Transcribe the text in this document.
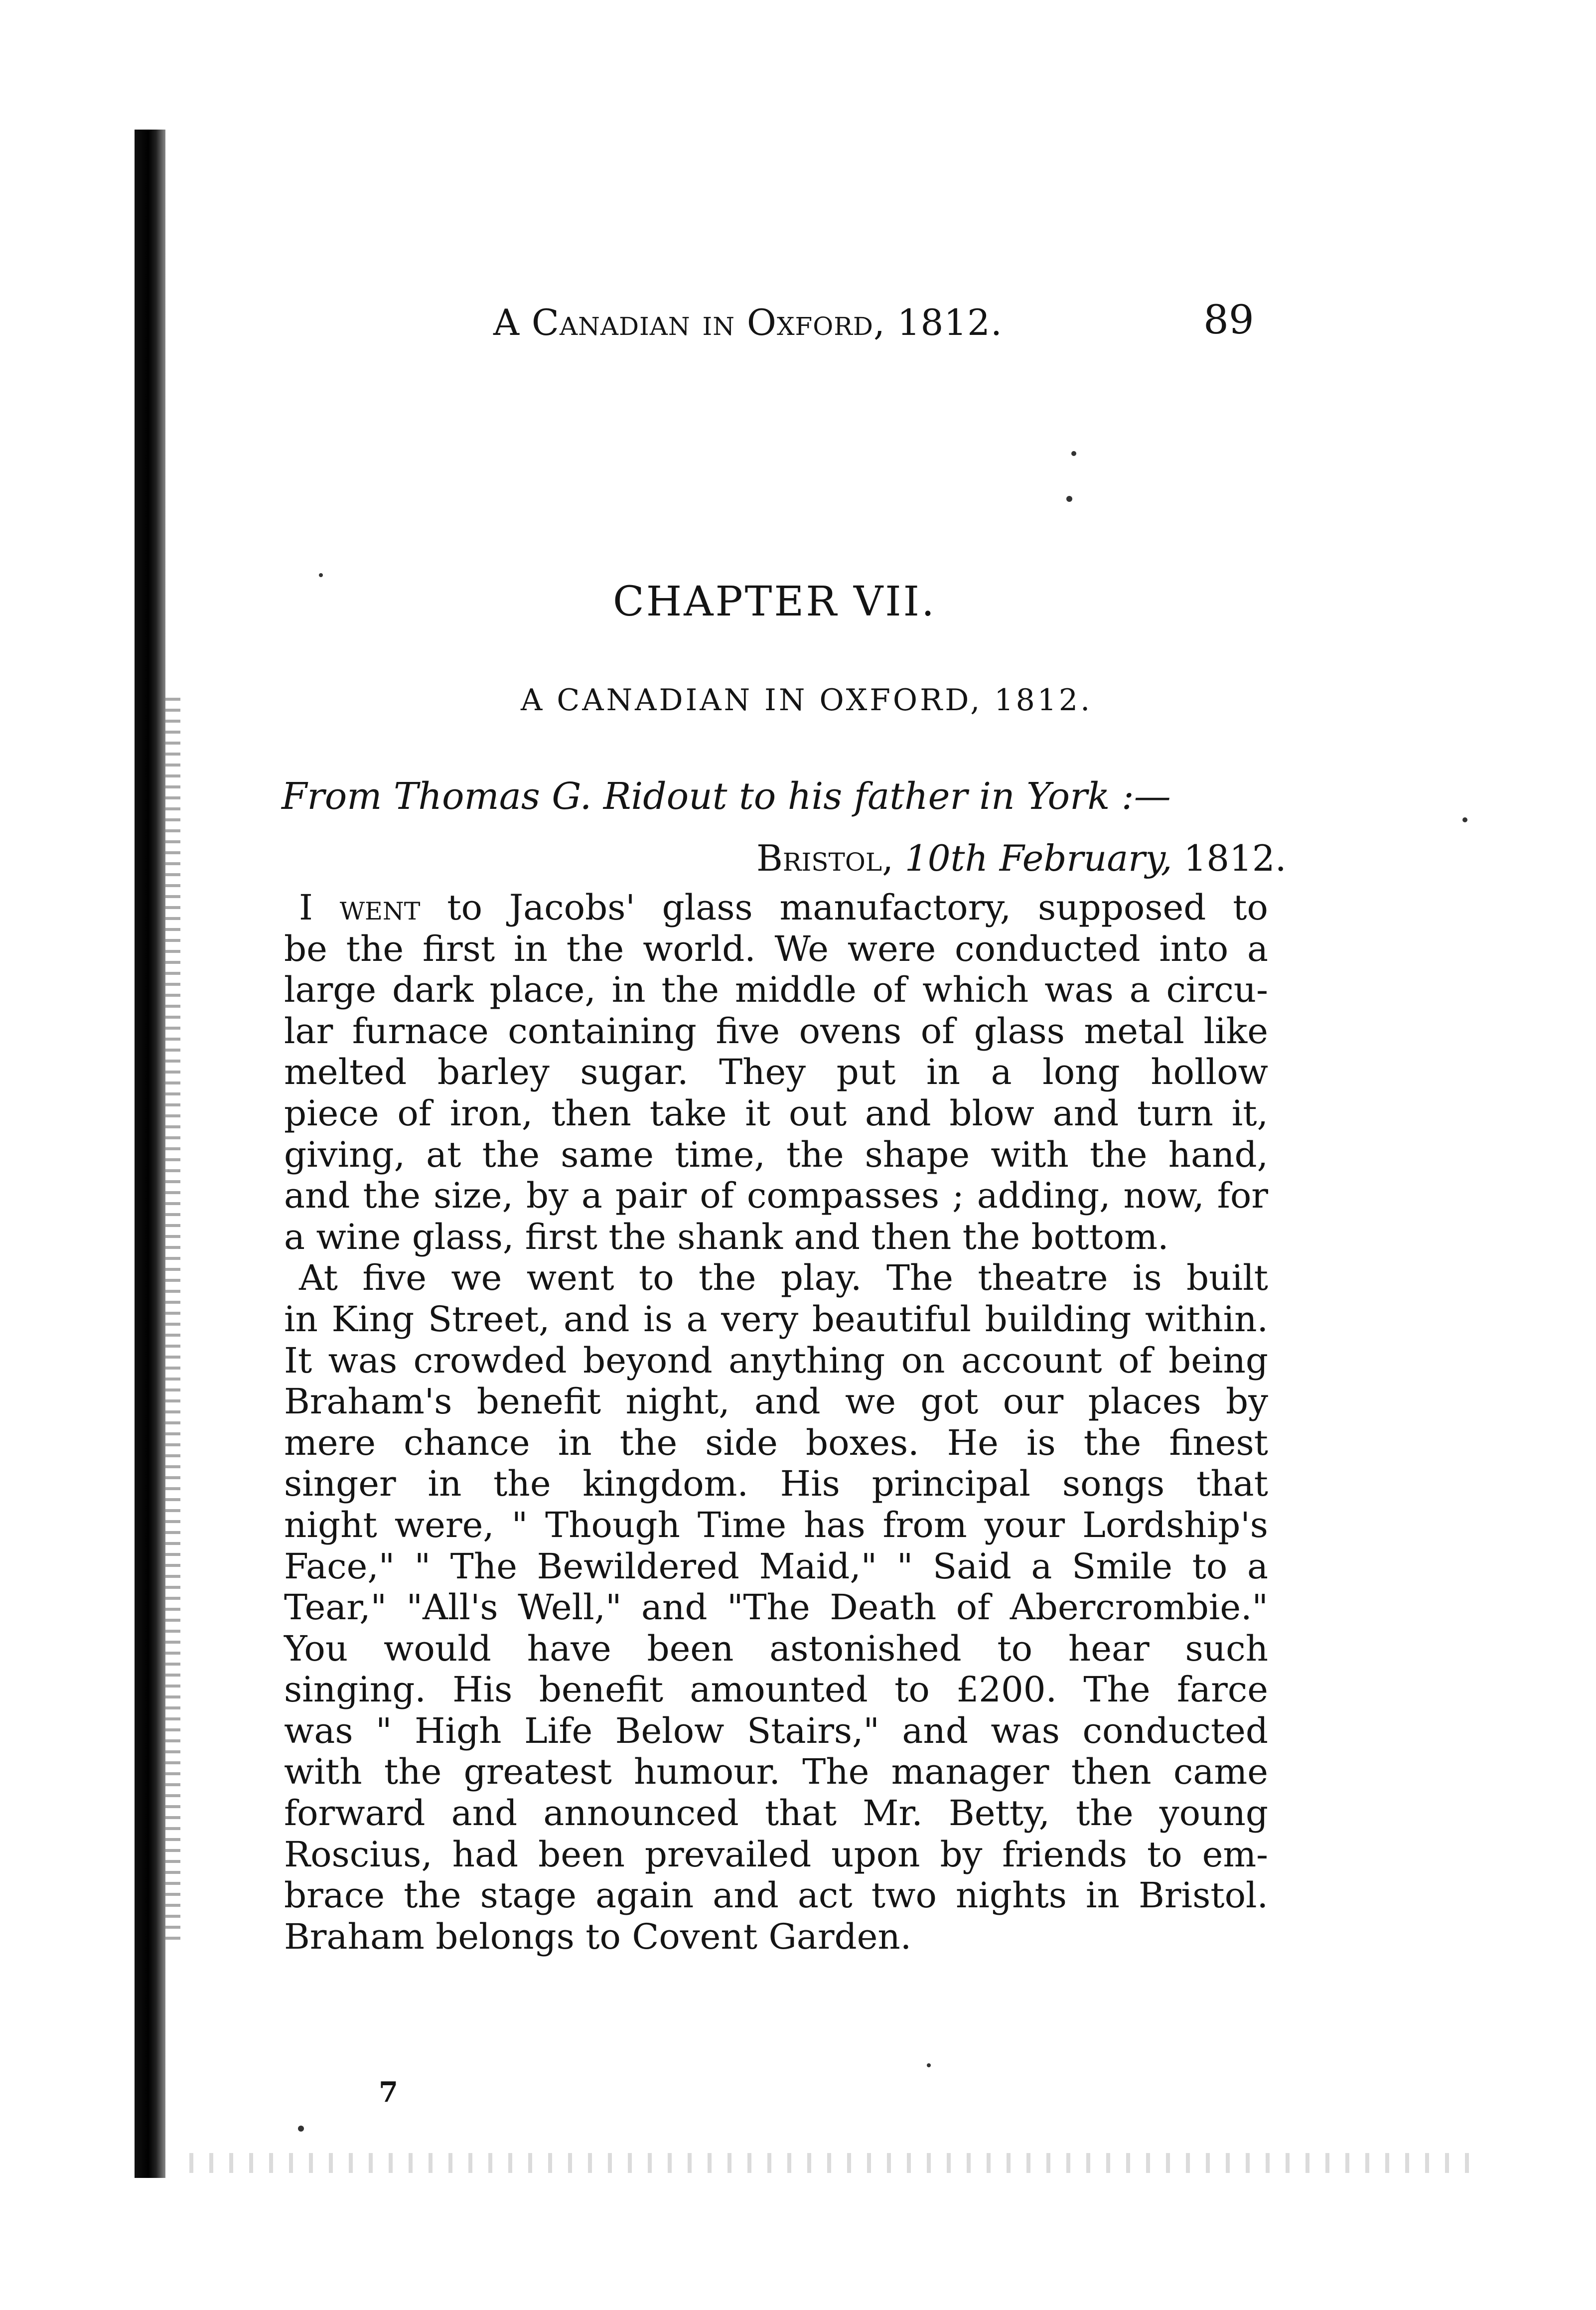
A Canadian in Oxford, 1812.	89
CHAPTER VII.
A CANADIAN IN OXFORD, 1812.
From Thomas G. Ridout to his father in York :—
Bristol, 10th February, 1812.
I went to Jacobs' glass manufactory, supposed to
be the first in the world. We were conducted into a
large dark place, in the middle of which was a circu-
lar furnace containing five ovens of glass metal like
melted barley sugar. They put in a long hollow
piece of iron, then take it out and blow and turn it,
giving, at the same time, the shape with the hand,
and the size, by a pair of compasses ; adding, now, for
a wine glass, first the shank and then the bottom.
At five we went to the play. The theatre is built
in King Street, and is a very beautiful building within.
It was crowded beyond anything on account of being
Braham's benefit night, and we got our places by
mere chance in the side boxes. He is the finest
singer in the kingdom. His principal songs that
night were, " Though Time has from your Lordship's
Face," " The Bewildered Maid," " Said a Smile to a
Tear," "All's Well," and "The Death of Abercrombie."
You would have been astonished to hear such
singing. His benefit amounted to £200. The farce
was " High Life Below Stairs," and was conducted
with the greatest humour. The manager then came
forward and announced that Mr. Betty, the young
Roscius, had been prevailed upon by friends to em-
brace the stage again and act two nights in Bristol.
Braham belongs to Covent Garden.
7
